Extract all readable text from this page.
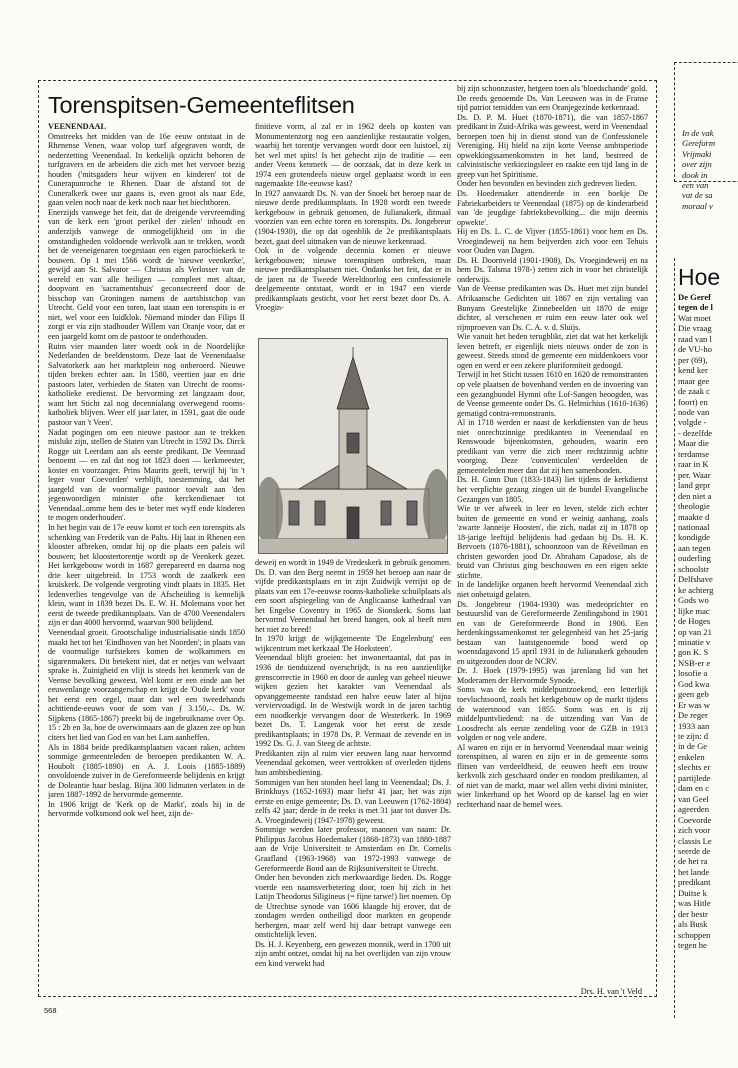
Torenspitsen-Gemeenteflitsen

VEENENDAAL

Omstreeks het midden van de 16e eeuw ontstaat in de Rhenense Venen, waar volop turf afgegraven wordt, de nederzetting Veenendaal. In kerkelijk opzicht behoren de turfgravers en de arbeiders die zich met het vervoer bezig houden ('mitsgaders heur wijven en kinderen' tot de Cunerapunroche te Rhenen. Daar de afstand tot de Cuneralkerk twee uur gaans is, even groot als naar Ede, gaan velen noch naar de kerk noch naar het biechthoren.

Enerzijds vanwege het feit, dat de dreigende vervreemding van de kerk een 'groot perikel der zielen' inhoudt en anderzijds vanwege de onmogelijkheid om in die omstandigheden voldoende werkvolk aan te trekken, wordt het de veeneigenaren toegestaan een eigen parochiekerk te bouwen. Op 1 mei 1566 wordt de 'nieuwe veenkerke', gewijd aan St. Salvator — Christus als Verlosser van de wereld en van alle heiligen — compleet met altaar, doopvont en 'sacramentshuis' geconsecreerd door de bisschop van Groningen namens de aartsbisschop van Utrecht. Geld voor een toren, laat staan een torenspits is er niet, wel voor een luidklok. Niemand minder dan Filips II zorgt er via zijn stadhouder Willem van Oranje voor, dat er een jaargeld komt om de pastoor te onderhouden.

Ruim vier maanden later woedt ook in de Noordelijke Nederlanden de beeldenstorm. Deze laat de Veenendaalse Salvatorkerk aan het marktplein nog onberoerd. Nieuwe tijden breken echter aan. In 1580, veertien jaar en drie pastoors later, verbieden de Staten van Utrecht de rooms-katholieke eredienst. De hervorming zet langzaam door, want het Sticht zal nog decennialang overwegend rooms-katholiek blijven. Weer elf jaar later, in 1591, gaat die oude pastoor van 't Veen'.

Nadat pogingen om een nieuwe pastoor aan te trekken mislukt zijn, stellen de Staten van Utrecht in 1592 Ds. Dirck Rogge uit Leerdam aan als eerste predikant. De Veenraad benoemt — en zal dat nog tot 1823 doen — kerkmeester, koster en voorzanger. Prins Maurits geeft, terwijl hij 'in 't leger voor Coevorden' verblijft, toestemming, dat het jaargeld van de voormalige pastoor toevalt aan 'den jegenwoordigen minister ofte kerckendienaer tot Venendaal..omme hem des te beter met wyff ende kinderen te mogen onderhouden'.

In het begin van de 17e eeuw komt er toch een torenspits als schenking van Frederik van de Palts. Hij laat in Rhenen een klooster afbreken, omdat hij op die plaats een paleis wil bouwen; het kloostertorentje wordt op de Veenkerk gezet. Het kerkgebouw wordt in 1687 gerepareerd en daarna nog drie keer uitgebreid. In 1753 wordt de zaalkerk een kruiskerk. De volgende vergroting vindt plaats in 1835. Het ledenverlies tengevolge van de Afscheiding is kennelijk klein, want in 1839 bezet Ds. E. W. H. Molemans voor het eerst de tweede predikantsplaats. Van de 4700 Veenendalers zijn er dan 4000 hervormd, waarvan 900 belijdend.

Veenendaal groeit. Grootschalige industrialisatie sinds 1850 maakt het tot het 'Eindhoven van het Noorden'; in plaats van de voormalige turfstekers komen de wolkammers en sigarenmakers. Dit betekent niet, dat er netjes van welvaart sprake is. Zuinigheid en vlijt is steeds het kenmerk van de Veense bevolking geweest. Wel komt er een einde aan het eeuwenlange voorzangerschap en krijgt de 'Oude kerk' voor het eerst een orgel, maar dan wel een tweedehands achttiende-eeuws voor de som van ƒ 3.150,–. Ds. W. Sijpkens (1865-1867) preekt bij de ingebruikname over Op. 15 : 2b en 3a, hoe de overwinnaars aan de glazen zee op hun citers het lied van God en van het Lam aanheffen.

Als in 1884 beide predikantsplaatsen vacant raken, achten sommige gemeenteleden de beroepen predikanten W. A. Houbolt (1885-1890) en A. J. Loois (1885-1889) onvoldoende zuiver in de Gereformeerde belijdenis en krijgt de Doleantie haar beslag. Bijna 300 lidmaten verlaten in de jaren 1887-1892 de hervormde gemeente.

In 1906 krijgt de 'Kerk op de Markt', zoals hij in de hervormde volksmond ook wel heet, zijn de-

finitieve vorm, al zal er in 1962 deels op kosten van Monumentenzorg nog een aanzienlijke restauratie volgen, waarbij het torentje vervangen wordt door een luistoel, zij het wel met spits! Is het gehecht zijn de traditie — een ander Veens kenmerk — de oorzaak, dat in deze kerk in 1974 een grotendeels nieuw orgel geplaatst wordt in een nagemaakte 18e-eeuwse kast?

In 1927 aanvaardt Ds. N. van der Snoek het beroep naar de nieuwe derde predikantsplaats. In 1928 wordt een tweede kerkgebouw in gebruik genomen, de Julianakerk, ditmaal voorzien van een echte toren en torenspits. Ds. Jongebreur (1904-1930), die op dat ogenblik de 2e predikantsplaats bezet, gaat deel uitmaken van de nieuwe kerkenraad.

Ook in de volgende decennia komen er nieuwe kerkgebouwen; nieuwe torenspitsen ontbreken, maar nieuwe predikantsplaatsen niet. Ondanks het feit, dat er in de jaren na de Tweede Wereldoorlog een confessionele deelgemeente ontstaat, wordt er in 1947 een vierde predikantsplaats gesticht, voor het eerst bezet door Ds. A. Vroegin-

deweij en wordt in 1949 de Vredeskerk in gebruik genomen. Ds. D. van den Berg neemt in 1959 het beroep aan naar de vijfde predikantsplaats en in zijn Zuidwijk verrijst op de plaats van een 17e-eeuwse rooms-katholieke schuilplaats als een soort afspiegeling van de Anglicaanse kathedraal van het Engelse Coventry in 1965 de Sionskerk. Soms laat hervormd Veenendaal het breed hangen, ook al heeft men het niet zo breed!

In 1970 krijgt de wijkgemeente 'De Engelenburg' een wijkcentrum met kerkzaal 'De Hoeksteen'.

Veenendaal blijft groeien: het inwonertaantal, dat pas in 1936 de tienduizend overschrijdt, is na een aanzienlijke grenscorrectie in 1960 en door de aanleg van geheel nieuwe wijken gezien het karakter van Veenendaal als opvanggemeente randstad een halve eeuw later al bijna verviervoudigd. In de Westwijk wordt in de jaren tachtig een noodkerkje vervangen door de Westerkerk. In 1969 bezet Ds. T. Langerak voor het eerst de zesde predikantsplaats; in 1978 Ds. P. Vermaat de zevende en in 1992 Ds. G. J. van Steeg de achtste.

Predikanten zijn al ruim vier eeuwen lang naar hervormd Veenendaal gekomen, weer vertrokken of overleden tijdens hun ambtsbediening.

Sommigen van hen stonden heel lang in Veenendaal; Ds. J. Brinkhuys (1652-1693) maar liefst 41 jaar, het was zijn eerste en enige gemeente; Ds. D. van Leeuwen (1762-1804) zelfs 42 jaar; derde in de reeks is met 31 jaar tot dusver Ds. A. Vroegindeweij (1947-1978) geweest.

Sommige werden later professor, mannen van naam: Dr. Philippus Jacobus Hoedemaker (1868-1873) van 1880-1887 aan de Vrije Universiteit te Amsterdam en Dr. Cornelis Graafland (1963-1968) van 1972-1993 vanwege de Gereformeerde Bond aan de Rijksuniversiteit te Utrecht.

Onder hen bevonden zich merkwaardige lieden. Ds. Rogge voerde een naamsverbetering door, toen hij zich in het Latijn Theodorus Siligineus (= fijne tarwe!) liet noemen. Op de Utrechtse synode van 1606 klaagde hij erover, dat de zondagen werden ontheiligd door markten en geopende herbergen, maar zelf werd hij daar betrapt vanwege een onstichtelijk leven.

Ds. H. J. Keyenberg, een gewezen monnik, werd in 1700 uit zijn ambt ontzet, omdat hij na het overlijden van zijn vrouw een kind verwekt had

bij zijn schoonzuster, hetgeen toen als 'bloedschande' gold.

De reeds genoemde Ds. Van Leeuwen was in de Franse tijd patriot temidden van een Oranjegezinde kerkenraad.

Ds. D. P. M. Huet (1870-1871), die van 1857-1867 predikant in Zuid-Afrika was geweest, werd in Veenendaal beroepen toen hij in dienst stond van de Confessionele Vereniging. Hij hield na zijn korte Veense ambtsperiode opwekkingssamenkomsten in het land, bestreed de calvinistische verkiezingsleer en raakte een tijd lang in de greep van het Spiritisme.

Onder hen bevonden en bevinden zich gedreven lieden.

Ds. Hoedemaker attendeerde in een boekje De Fabriekarbeiders te Veenendaal (1875) op de kinderarbeid van 'de jeugdige fabrieksbevolking... die mijn deernis opwekte'.

Hij en Ds. L. C. de Vijver (1855-1861) voor hem en Ds. Vroegindeweij na hem beijverden zich voor een Tehuis voor Ouden van Dagen.

Ds. H. Doornveld (1901-1908), Ds. Vroegindeweij en na hem Ds. Talsma 1978-) zetten zich in voor het christelijk onderwijs.

Van de Veense predikanten was Ds. Huet met zijn bundel Afrikaansche Gedichten uit 1867 en zijn vertaling van Bunyans Geestelijke Zinnebeelden uit 1870 de enige dichter, al verschenen er ruim een eeuw later ook wel rijmproeven van Ds. C. A. v. d. Sluijs.

Wie vanuit het heden terugblikt, ziet dat wat het kerkelijk leven betreft, er eigenlijk niets nieuws onder de zon is geweest. Steeds stond de gemeente een middenkoers voor ogen en werd er een zekere pluriformiteit gedoogd.

Terwijl in het Sticht tussen 1610 en 1620 de remonstranten op vele plaatsen de bovenhand verden en de invoering van een gezangbundel Hymni ofte Lof-Sangen beoogden, was de Veense gemeente onder Ds. G. Helmichius (1610-1636) gematigd contra-remonstrants.

Al in 1718 werden er naast de kerkdiensten van de heus niet onrechtzinnige predikanten in Veenendaal en Renswoude bijeenkomsten, gehouden, waarin een predikant van verre die zich meer rechtzinnig achtte voorging. Deze 'conventiculen' verdeelden de gemeenteleden meer dan dat zij hen samenbonden.

Ds. H. Gunn Dun (1833-1843) liet tijdens de kerkdienst het verplichte gezang zingen uit de bundel Evangelische Gezangen van 1805.

Wie te ver afweek in leer en leven, stelde zich echter buiten de gemeente en vond er weinig aanhang, zoals 'zwarte Janneije Hoosten', die zich, nadat zij in 1878 op 18-jarige leeftijd belijdenis had gedaan bij Ds. H. K. Bervoets (1876-1881), schoonzoon van de Réveilman en christen geworden jood Dr. Abraham Capadose, als de bruid van Christus ging beschouwen en een eigen sekte stichtte.

In de landelijke organen heeft hervormd Veenendaal zich niet onbetuigd gelaten.

Ds. Jongebreur (1904-1930) was medeoprichter en bestuurslid van de Gereformeerde Zendingsbond in 1901 en van de Gereformeerde Bond in 1906. Een herdenkingssamenkomst ter gelegenheid van het 25-jarig bestaan van laatstgenoemde bond werd op woensdagavond 15 april 1931 in de Julianakerk gehouden en uitgezonden door de NCRV.

Dr. J. Hoek (1979-1995) was jarenlang lid van het Moderamen der Hervormde Synode.

Soms was de kerk middelpuntzoekend, een letterlijk toevluchtsoord, zoals het kerkgebouw op de markt tijdens de watersnood van 1855. Soms was en is zij middelpuntvliedend: na de uitzending van Van de Loosdrecht als eerste zendeling voor de GZB in 1913 volgden er nog vele andere.

Al waren en zijn er in hervormd Veenendaal maar weinig torenspitsen, al waren en zijn er in de gemeente soms flitsen van verdeeldheid, de eeuwen heeft een trouw kerkvolk zich geschaard onder en rondom predikanten, al of niet van de markt, maar wel allen verbi divini minister, wier linkerhand op het Woord op de kansel lag en wier rechterhand naar de hemel wees.

Drs. H. van 't Veld
568
In de vak
Gereform
Vrijmaki
over zijn
dook in
een van
vat de sa
moraal v
Hoe
De Geref
tegen de l
Wat moet
Die vraag
raad van l
de VU-ho
per (69),
kend ker
maar gee
de zaak c
foort) en
node van
volgde -
- dezelfde
Maar die
terdamse
raar in K
per. Waar
land gepr
den niet a
theologie
maakte d
nationaal
kondigde
aan tegen
ouderling
schoolstr
Delfshave
ke achterg
Gods wo
lijke mac
de Hoges
op van 21
minatie v
gon K. S
NSB-er e
losofie a
God kwa
geen geb
Er was w
De reger
1933 aan
te zijn: d
in de Ge
enkelen
slechts er
partijlede
dam en c
van Geel
ageerden
Coevorde
zich voor
classis Le
seerde de
de het ra
het lande
predikant
Duitse k
was Hitle
der bestr
als Busk
schoppen
tegen he
